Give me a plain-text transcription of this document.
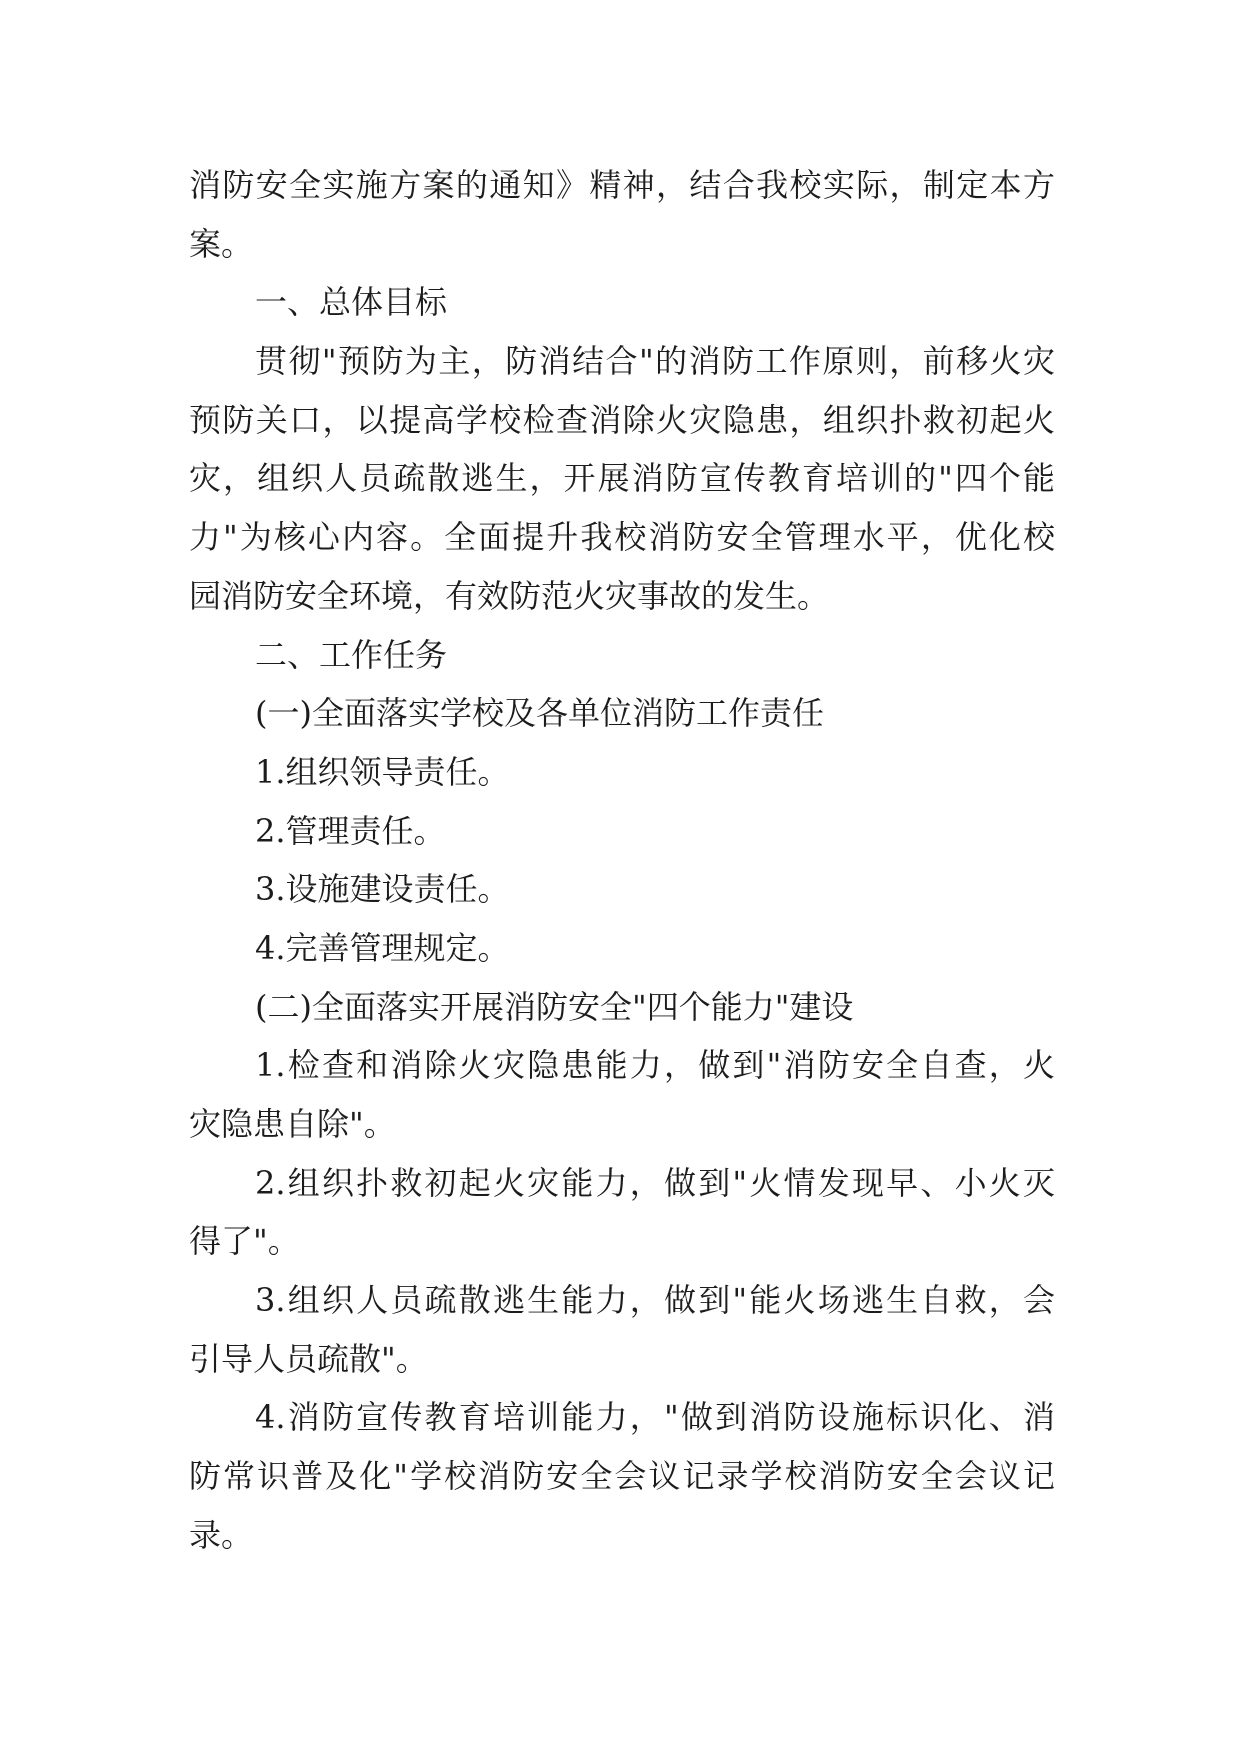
消防安全实施方案的通知》精神，结合我校实际，制定本方
案。
一、总体目标
贯彻"预防为主，防消结合"的消防工作原则，前移火灾
预防关口，以提高学校检查消除火灾隐患，组织扑救初起火
灾，组织人员疏散逃生，开展消防宣传教育培训的"四个能
力"为核心内容。全面提升我校消防安全管理水平，优化校
园消防安全环境，有效防范火灾事故的发生。
二、工作任务
(一)全面落实学校及各单位消防工作责任
1.组织领导责任。
2.管理责任。
3.设施建设责任。
4.完善管理规定。
(二)全面落实开展消防安全"四个能力"建设
1.检查和消除火灾隐患能力，做到"消防安全自查，火
灾隐患自除"。
2.组织扑救初起火灾能力，做到"火情发现早、小火灭
得了"。
3.组织人员疏散逃生能力，做到"能火场逃生自救，会
引导人员疏散"。
4.消防宣传教育培训能力，"做到消防设施标识化、消
防常识普及化"学校消防安全会议记录学校消防安全会议记
录。
